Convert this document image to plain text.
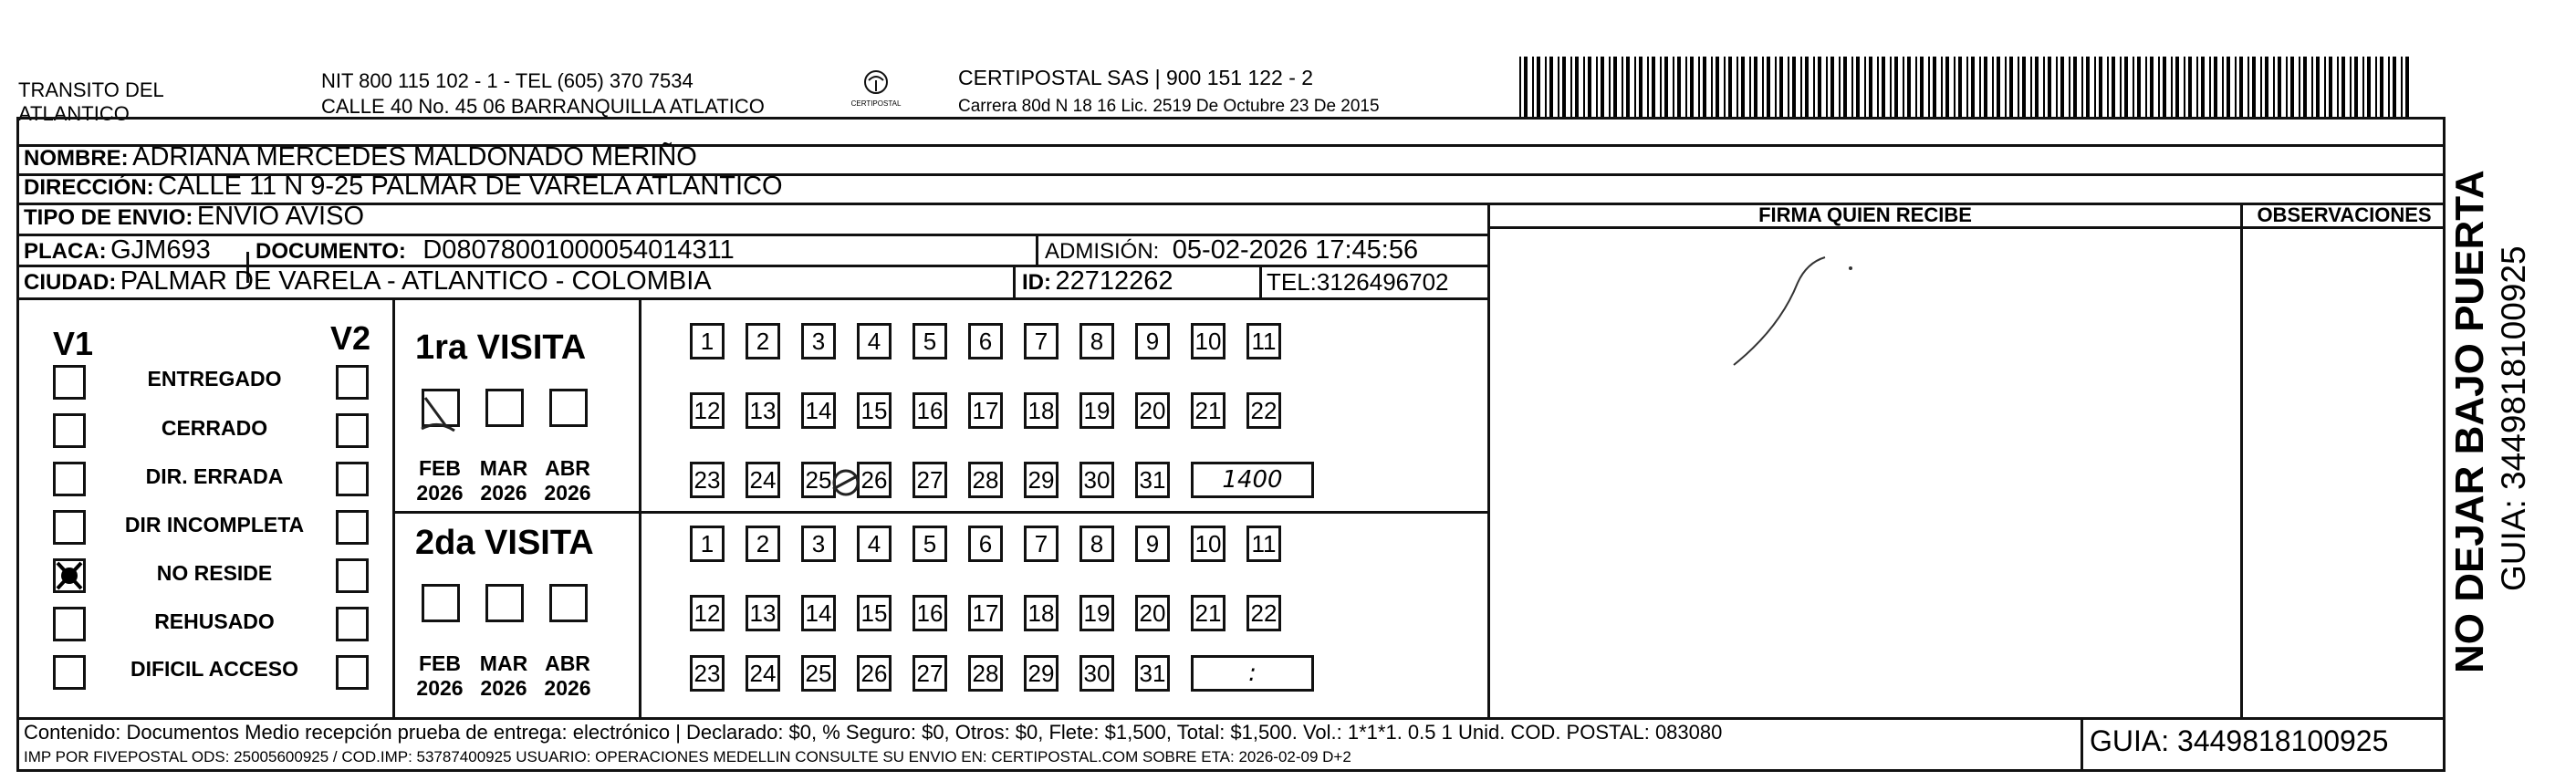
TRANSITO DEL
ATLANTICO
NIT 800 115 102 - 1 - TEL (605) 370 7534
CALLE 40 No. 45 06 BARRANQUILLA ATLATICO	CERTIPOSTAL
CERTIPOSTAL SAS | 900 151 122 - 2
Carrera 80d N 18 16 Lic. 2519 De Octubre 23 De 2015
NOMBRE: ADRIANA MERCEDES MALDONADO MERIÑO
DIRECCIÓN: CALLE 11 N 9-25 PALMAR DE VARELA ATLANTICO
TIPO DE ENVIO: ENVIO AVISO
PLACA: GJM693 DOCUMENTO: D08078001000054014311	ADMISIÓN: 05-02-2026 17:45:56
CIUDAD: PALMAR DE VARELA - ATLANTICO - COLOMBIA	ID: 22712262	TEL:3126496702
FIRMA QUIEN RECIBE	OBSERVACIONES
V1	V2
ENTREGADO
CERRADO
DIR. ERRADA
DIR INCOMPLETA
NO RESIDE
REHUSADO
DIFICIL ACCESO
1ra VISITA
2da VISITA
FEB
2026
MAR
2026
ABR
2026
FEB
2026
MAR
2026
ABR
2026
1	2	3	4	5	6	7	8	9	10 11
12 13 14 15 16 17 18 19 20 21 22
23 24 25 26 27 28 29 30 31	1400
1	2	3	4	5	6	7	8	9	10 11
12 13 14 15 16 17 18 19 20 21 22
23 24 25 26 27 28 29 30 31	:
Contenido: Documentos Medio recepción prueba de entrega: electrónico | Declarado: $0, % Seguro: $0, Otros: $0, Flete: $1,500, Total: $1,500. Vol.: 1*1*1. 0.5 1 Unid. COD. POSTAL: 083080
IMP POR FIVEPOSTAL ODS: 25005600925 / COD.IMP: 53787400925 USUARIO: OPERACIONES MEDELLIN CONSULTE SU ENVIO EN: CERTIPOSTAL.COM SOBRE ETA: 2026-02-09 D+2	GUIA: 3449818100925
NO DEJAR BAJO PUERTA GUIA: 3449818100925
